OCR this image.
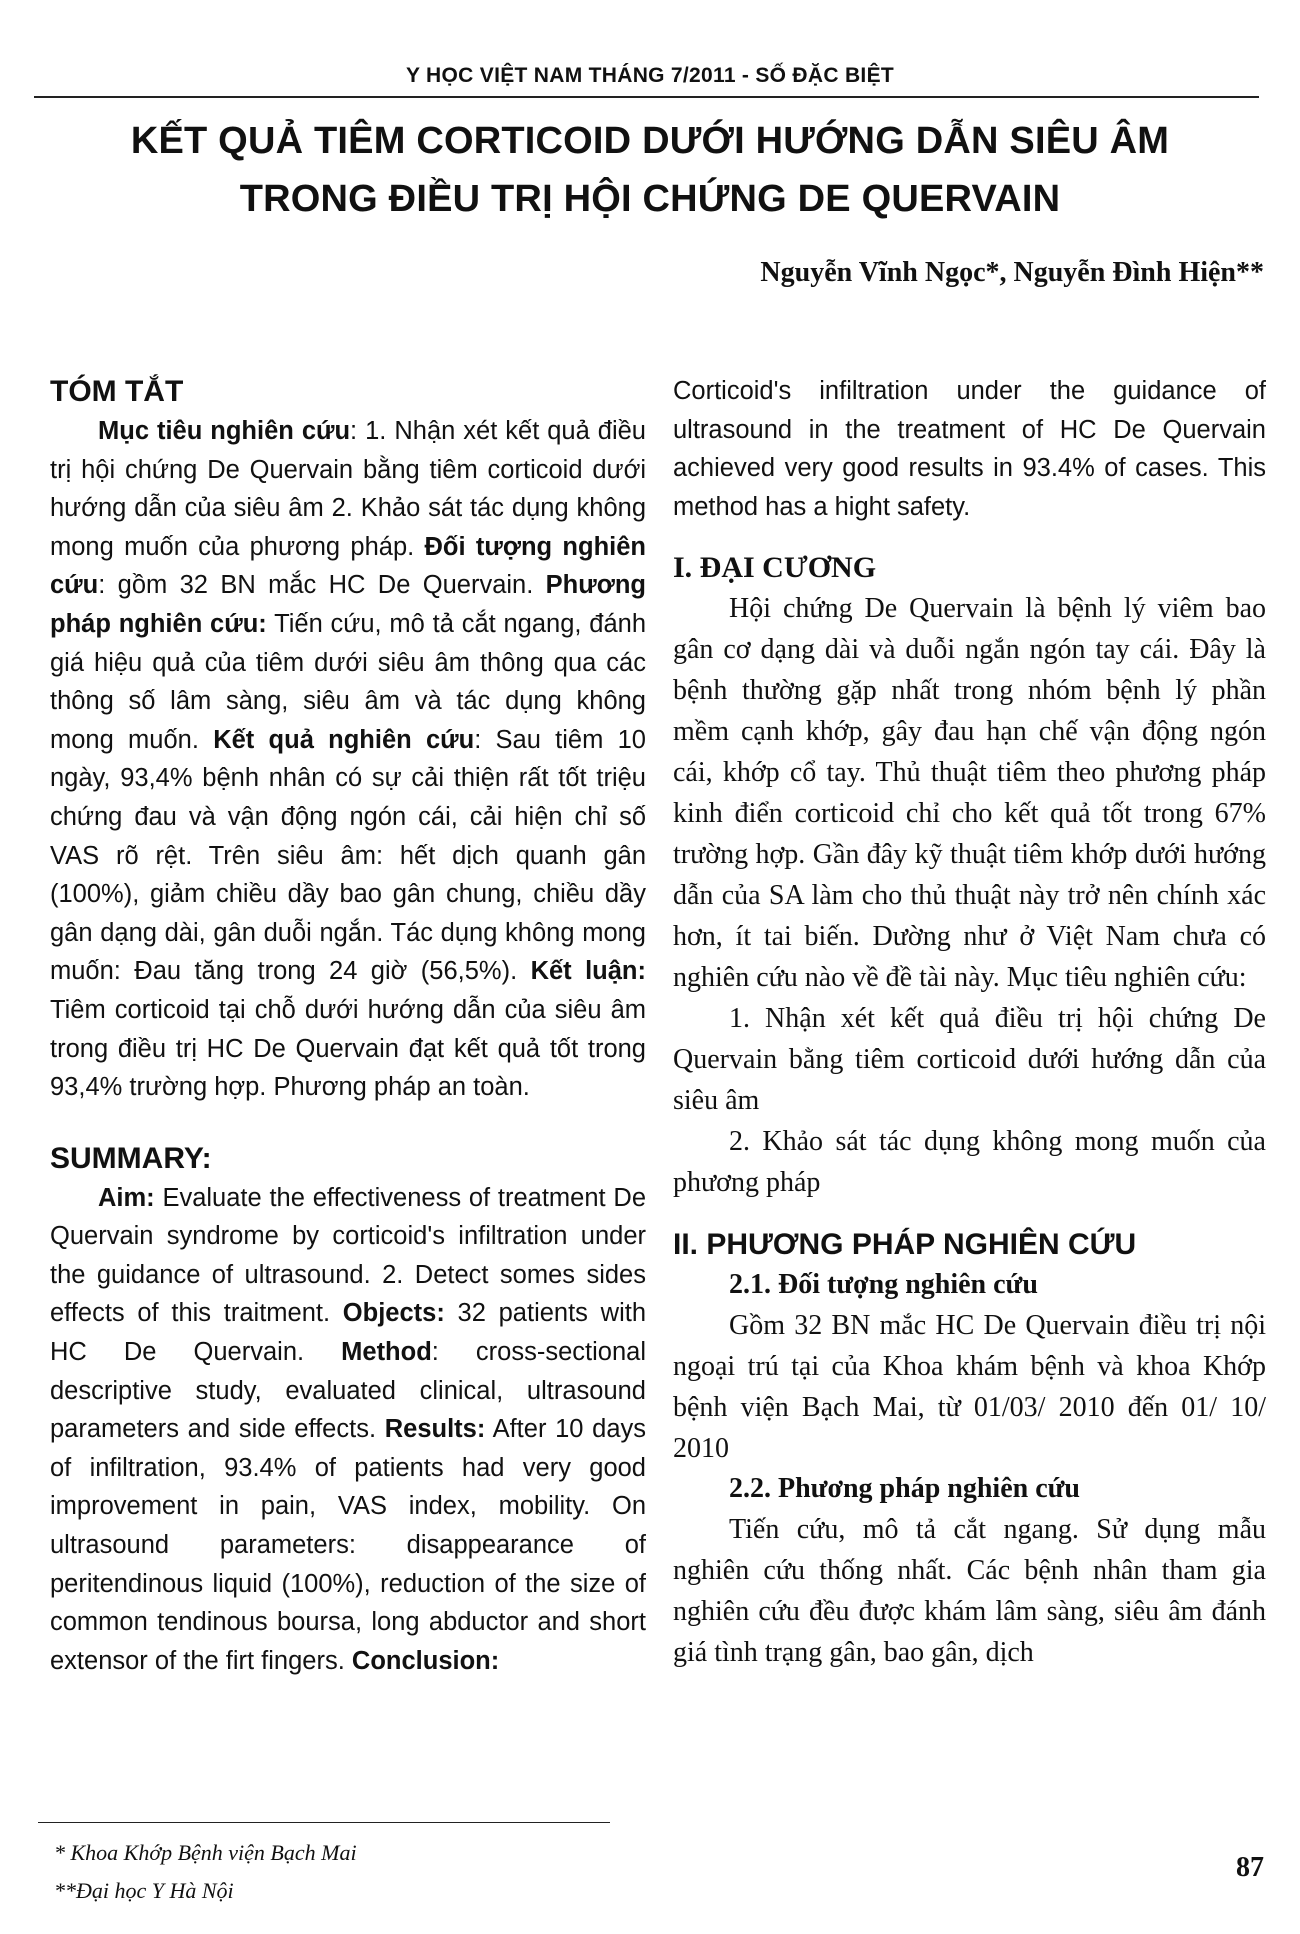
Y HỌC VIỆT NAM THÁNG 7/2011 - SỐ ĐẶC BIỆT
KẾT QUẢ TIÊM CORTICOID DƯỚI HƯỚNG DẪN SIÊU ÂM
TRONG ĐIỀU TRỊ HỘI CHỨNG DE QUERVAIN
Nguyễn Vĩnh Ngọc*, Nguyễn Đình Hiện**
TÓM TẮT

Mục tiêu nghiên cứu: 1. Nhận xét kết quả điều trị hội chứng De Quervain bằng tiêm corticoid dưới hướng dẫn của siêu âm 2. Khảo sát tác dụng không mong muốn của phương pháp. Đối tượng nghiên cứu: gồm 32 BN mắc HC De Quervain. Phương pháp nghiên cứu: Tiến cứu, mô tả cắt ngang, đánh giá hiệu quả của tiêm dưới siêu âm thông qua các thông số lâm sàng, siêu âm và tác dụng không mong muốn. Kết quả nghiên cứu: Sau tiêm 10 ngày, 93,4% bệnh nhân có sự cải thiện rất tốt triệu chứng đau và vận động ngón cái, cải hiện chỉ số VAS rõ rệt. Trên siêu âm: hết dịch quanh gân (100%), giảm chiều dầy bao gân chung, chiều dầy gân dạng dài, gân duỗi ngắn. Tác dụng không mong muốn: Đau tăng trong 24 giờ (56,5%). Kết luận: Tiêm corticoid tại chỗ dưới hướng dẫn của siêu âm trong điều trị HC De Quervain đạt kết quả tốt trong 93,4% trường hợp. Phương pháp an toàn.

SUMMARY:

Aim: Evaluate the effectiveness of treatment De Quervain syndrome by corticoid's infiltration under the guidance of ultrasound. 2. Detect somes sides effects of this traitment. Objects: 32 patients with HC De Quervain. Method: cross-sectional descriptive study, evaluated clinical, ultrasound parameters and side effects. Results: After 10 days of infiltration, 93.4% of patients had very good improvement in pain, VAS index, mobility. On ultrasound parameters: disappearance of peritendinous liquid (100%), reduction of the size of common tendinous boursa, long abductor and short extensor of the firt fingers. Conclusion:

Corticoid's infiltration under the guidance of ultrasound in the treatment of HC De Quervain achieved very good results in 93.4% of cases. This method has a hight safety.

I. ĐẠI CƯƠNG

Hội chứng De Quervain là bệnh lý viêm bao gân cơ dạng dài và duỗi ngắn ngón tay cái. Đây là bệnh thường gặp nhất trong nhóm bệnh lý phần mềm cạnh khớp, gây đau hạn chế vận động ngón cái, khớp cổ tay. Thủ thuật tiêm theo phương pháp kinh điển corticoid chỉ cho kết quả tốt trong 67% trường hợp. Gần đây kỹ thuật tiêm khớp dưới hướng dẫn của SA làm cho thủ thuật này trở nên chính xác hơn, ít tai biến. Dường như ở Việt Nam chưa có nghiên cứu nào về đề tài này. Mục tiêu nghiên cứu:

1. Nhận xét kết quả điều trị hội chứng De Quervain bằng tiêm corticoid dưới hướng dẫn của siêu âm

2. Khảo sát tác dụng không mong muốn của phương pháp

II. PHƯƠNG PHÁP NGHIÊN CỨU
2.1. Đối tượng nghiên cứu

Gồm 32 BN mắc HC De Quervain điều trị nội ngoại trú tại của Khoa khám bệnh và khoa Khớp bệnh viện Bạch Mai, từ 01/03/ 2010 đến 01/ 10/ 2010

2.2. Phương pháp nghiên cứu

Tiến cứu, mô tả cắt ngang. Sử dụng mẫu nghiên cứu thống nhất. Các bệnh nhân tham gia nghiên cứu đều được khám lâm sàng, siêu âm đánh giá tình trạng gân, bao gân, dịch

* Khoa Khớp Bệnh viện Bạch Mai
**Đại học Y Hà Nội
87
